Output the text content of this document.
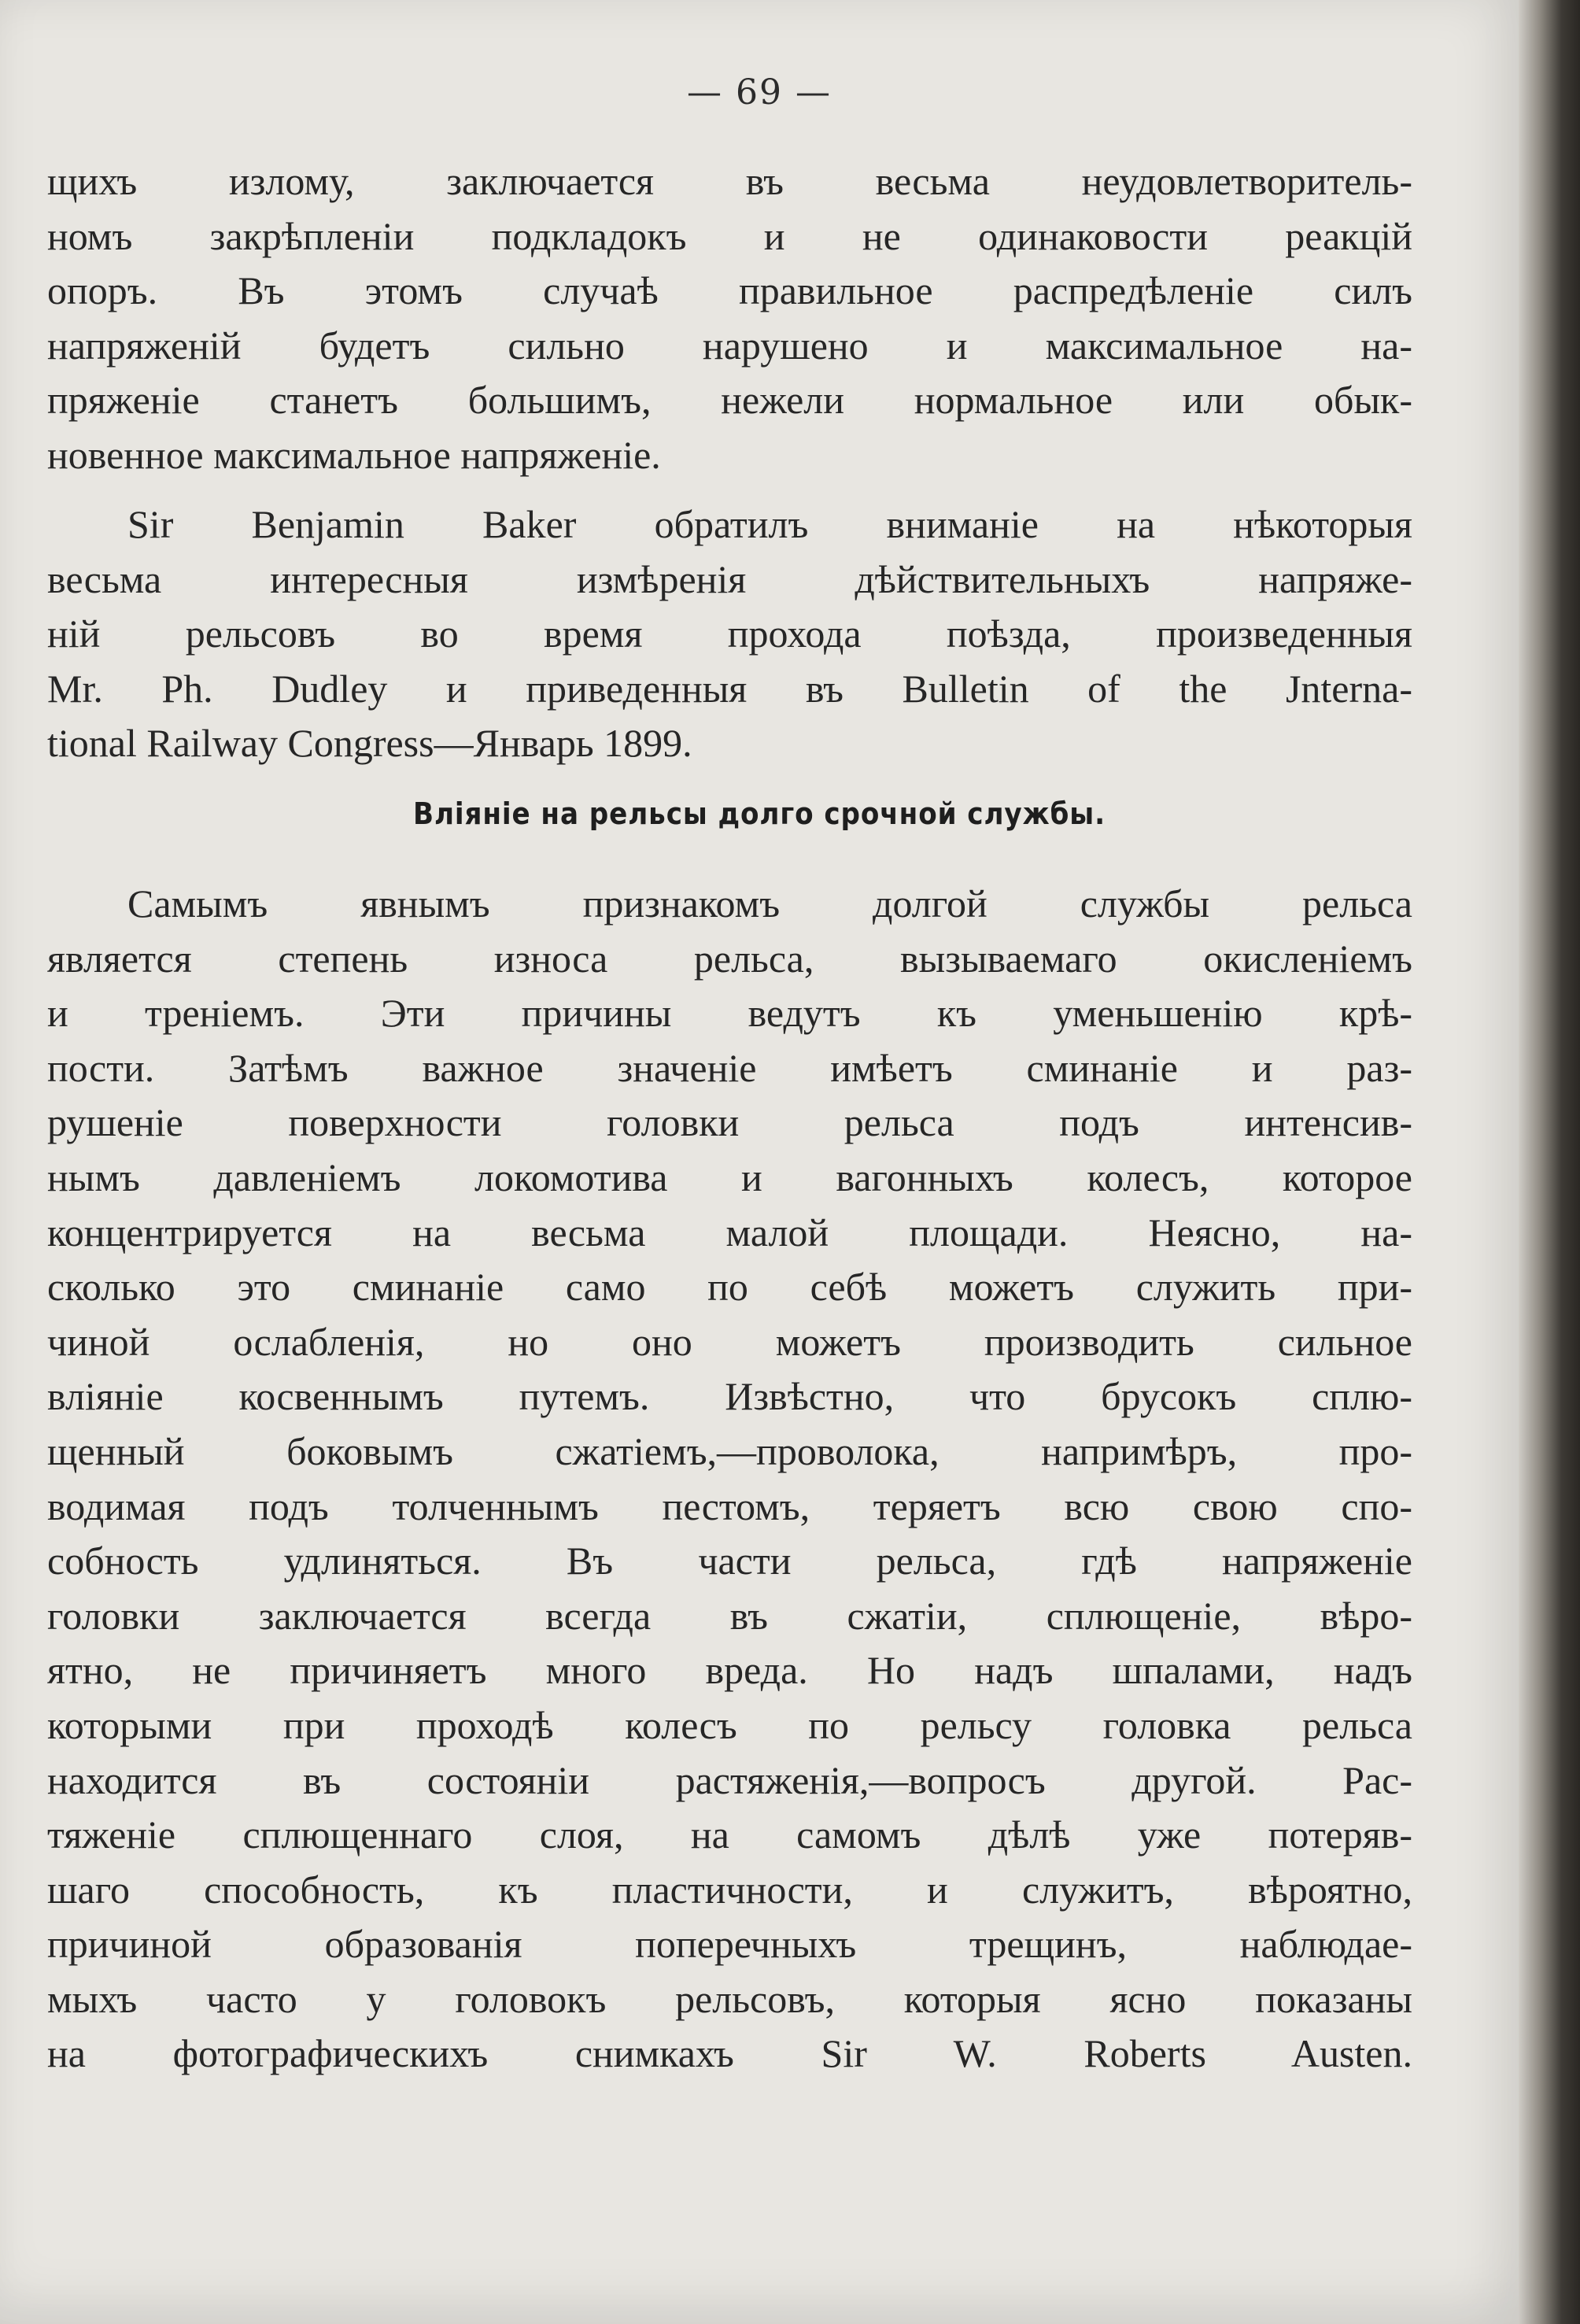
— 69 —
щихъ излому, заключается въ весьма неудовлетворитель-
номъ закрѣпленіи подкладокъ и не одинаковости реакцій
опоръ. Въ этомъ случаѣ правильное распредѣленіе силъ
напряженій будетъ сильно нарушено и максимальное на-
пряженіе станетъ большимъ, нежели нормальное или обык-
новенное максимальное напряженіе.
Sir Benjamin Baker обратилъ вниманіе на нѣкоторыя
весьма интересныя измѣренія дѣйствительныхъ напряже-
ній рельсовъ во время прохода поѣзда, произведенныя
Mr. Ph. Dudley и приведенныя въ Bulletin of the Jnterna-
tional Railway Congress—Январь 1899.
Вліяніе на рельсы долго срочной службы.
Самымъ явнымъ признакомъ долгой службы рельса
является степень износа рельса, вызываемаго окисленіемъ
и треніемъ. Эти причины ведутъ къ уменьшенію крѣ-
пости. Затѣмъ важное значеніе имѣетъ сминаніе и раз-
рушеніе поверхности головки рельса подъ интенсив-
нымъ давленіемъ локомотива и вагонныхъ колесъ, которое
концентрируется на весьма малой площади. Неясно, на-
сколько это сминаніе само по себѣ можетъ служить при-
чиной ослабленія, но оно можетъ производить сильное
вліяніе косвеннымъ путемъ. Извѣстно, что брусокъ сплю-
щенный боковымъ сжатіемъ,—проволока, напримѣръ, про-
водимая подъ толченнымъ пестомъ, теряетъ всю свою спо-
собность удлиняться. Въ части рельса, гдѣ напряженіе
головки заключается всегда въ сжатіи, сплющеніе, вѣро-
ятно, не причиняетъ много вреда. Но надъ шпалами, надъ
которыми при проходѣ колесъ по рельсу головка рельса
находится въ состояніи растяженія,—вопросъ другой. Рас-
тяженіе сплющеннаго слоя, на самомъ дѣлѣ уже потеряв-
шаго способность, къ пластичности, и служитъ, вѣроятно,
причиной образованія поперечныхъ трещинъ, наблюдае-
мыхъ часто у головокъ рельсовъ, которыя ясно показаны
на фотографическихъ снимкахъ Sir W. Roberts Austen.
